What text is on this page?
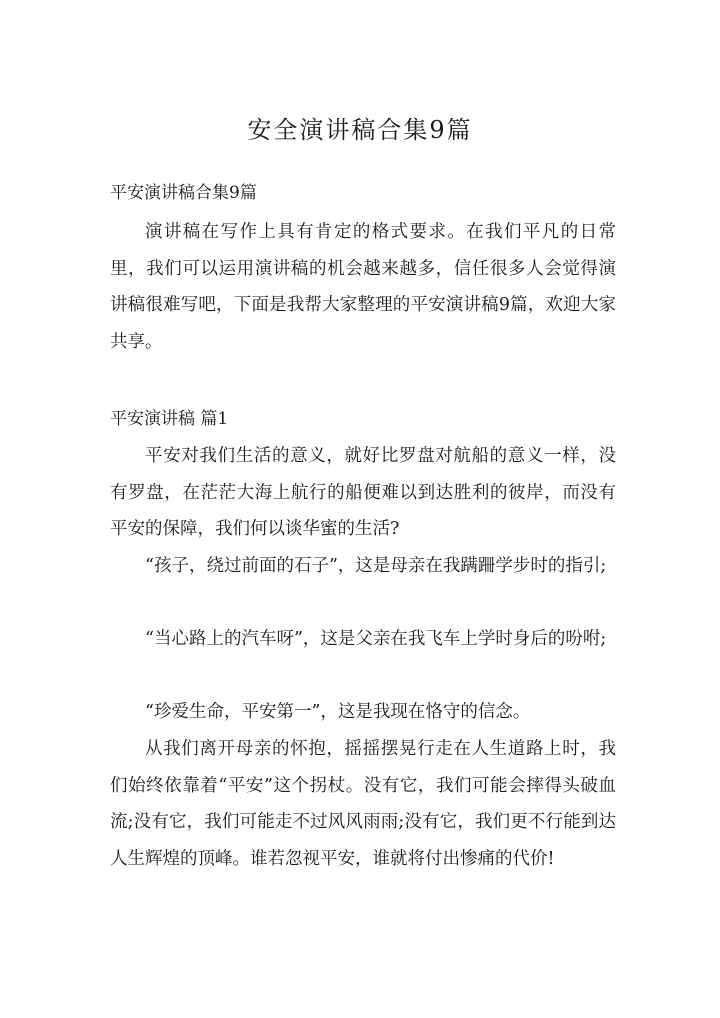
安全演讲稿合集9篇
平安演讲稿合集9篇

演讲稿在写作上具有肯定的格式要求。在我们平凡的日常里，我们可以运用演讲稿的机会越来越多，信任很多人会觉得演讲稿很难写吧，下面是我帮大家整理的平安演讲稿9篇，欢迎大家共享。

平安演讲稿 篇1

平安对我们生活的意义，就好比罗盘对航船的意义一样，没有罗盘，在茫茫大海上航行的船便难以到达胜利的彼岸，而没有平安的保障，我们何以谈华蜜的生活?

“孩子，绕过前面的石子”，这是母亲在我蹒跚学步时的指引;

“当心路上的汽车呀”，这是父亲在我飞车上学时身后的吩咐;

“珍爱生命，平安第一”，这是我现在恪守的信念。

从我们离开母亲的怀抱，摇摇摆晃行走在人生道路上时，我们始终依靠着“平安”这个拐杖。没有它，我们可能会摔得头破血流;没有它，我们可能走不过风风雨雨;没有它，我们更不行能到达人生辉煌的顶峰。谁若忽视平安，谁就将付出惨痛的代价!
